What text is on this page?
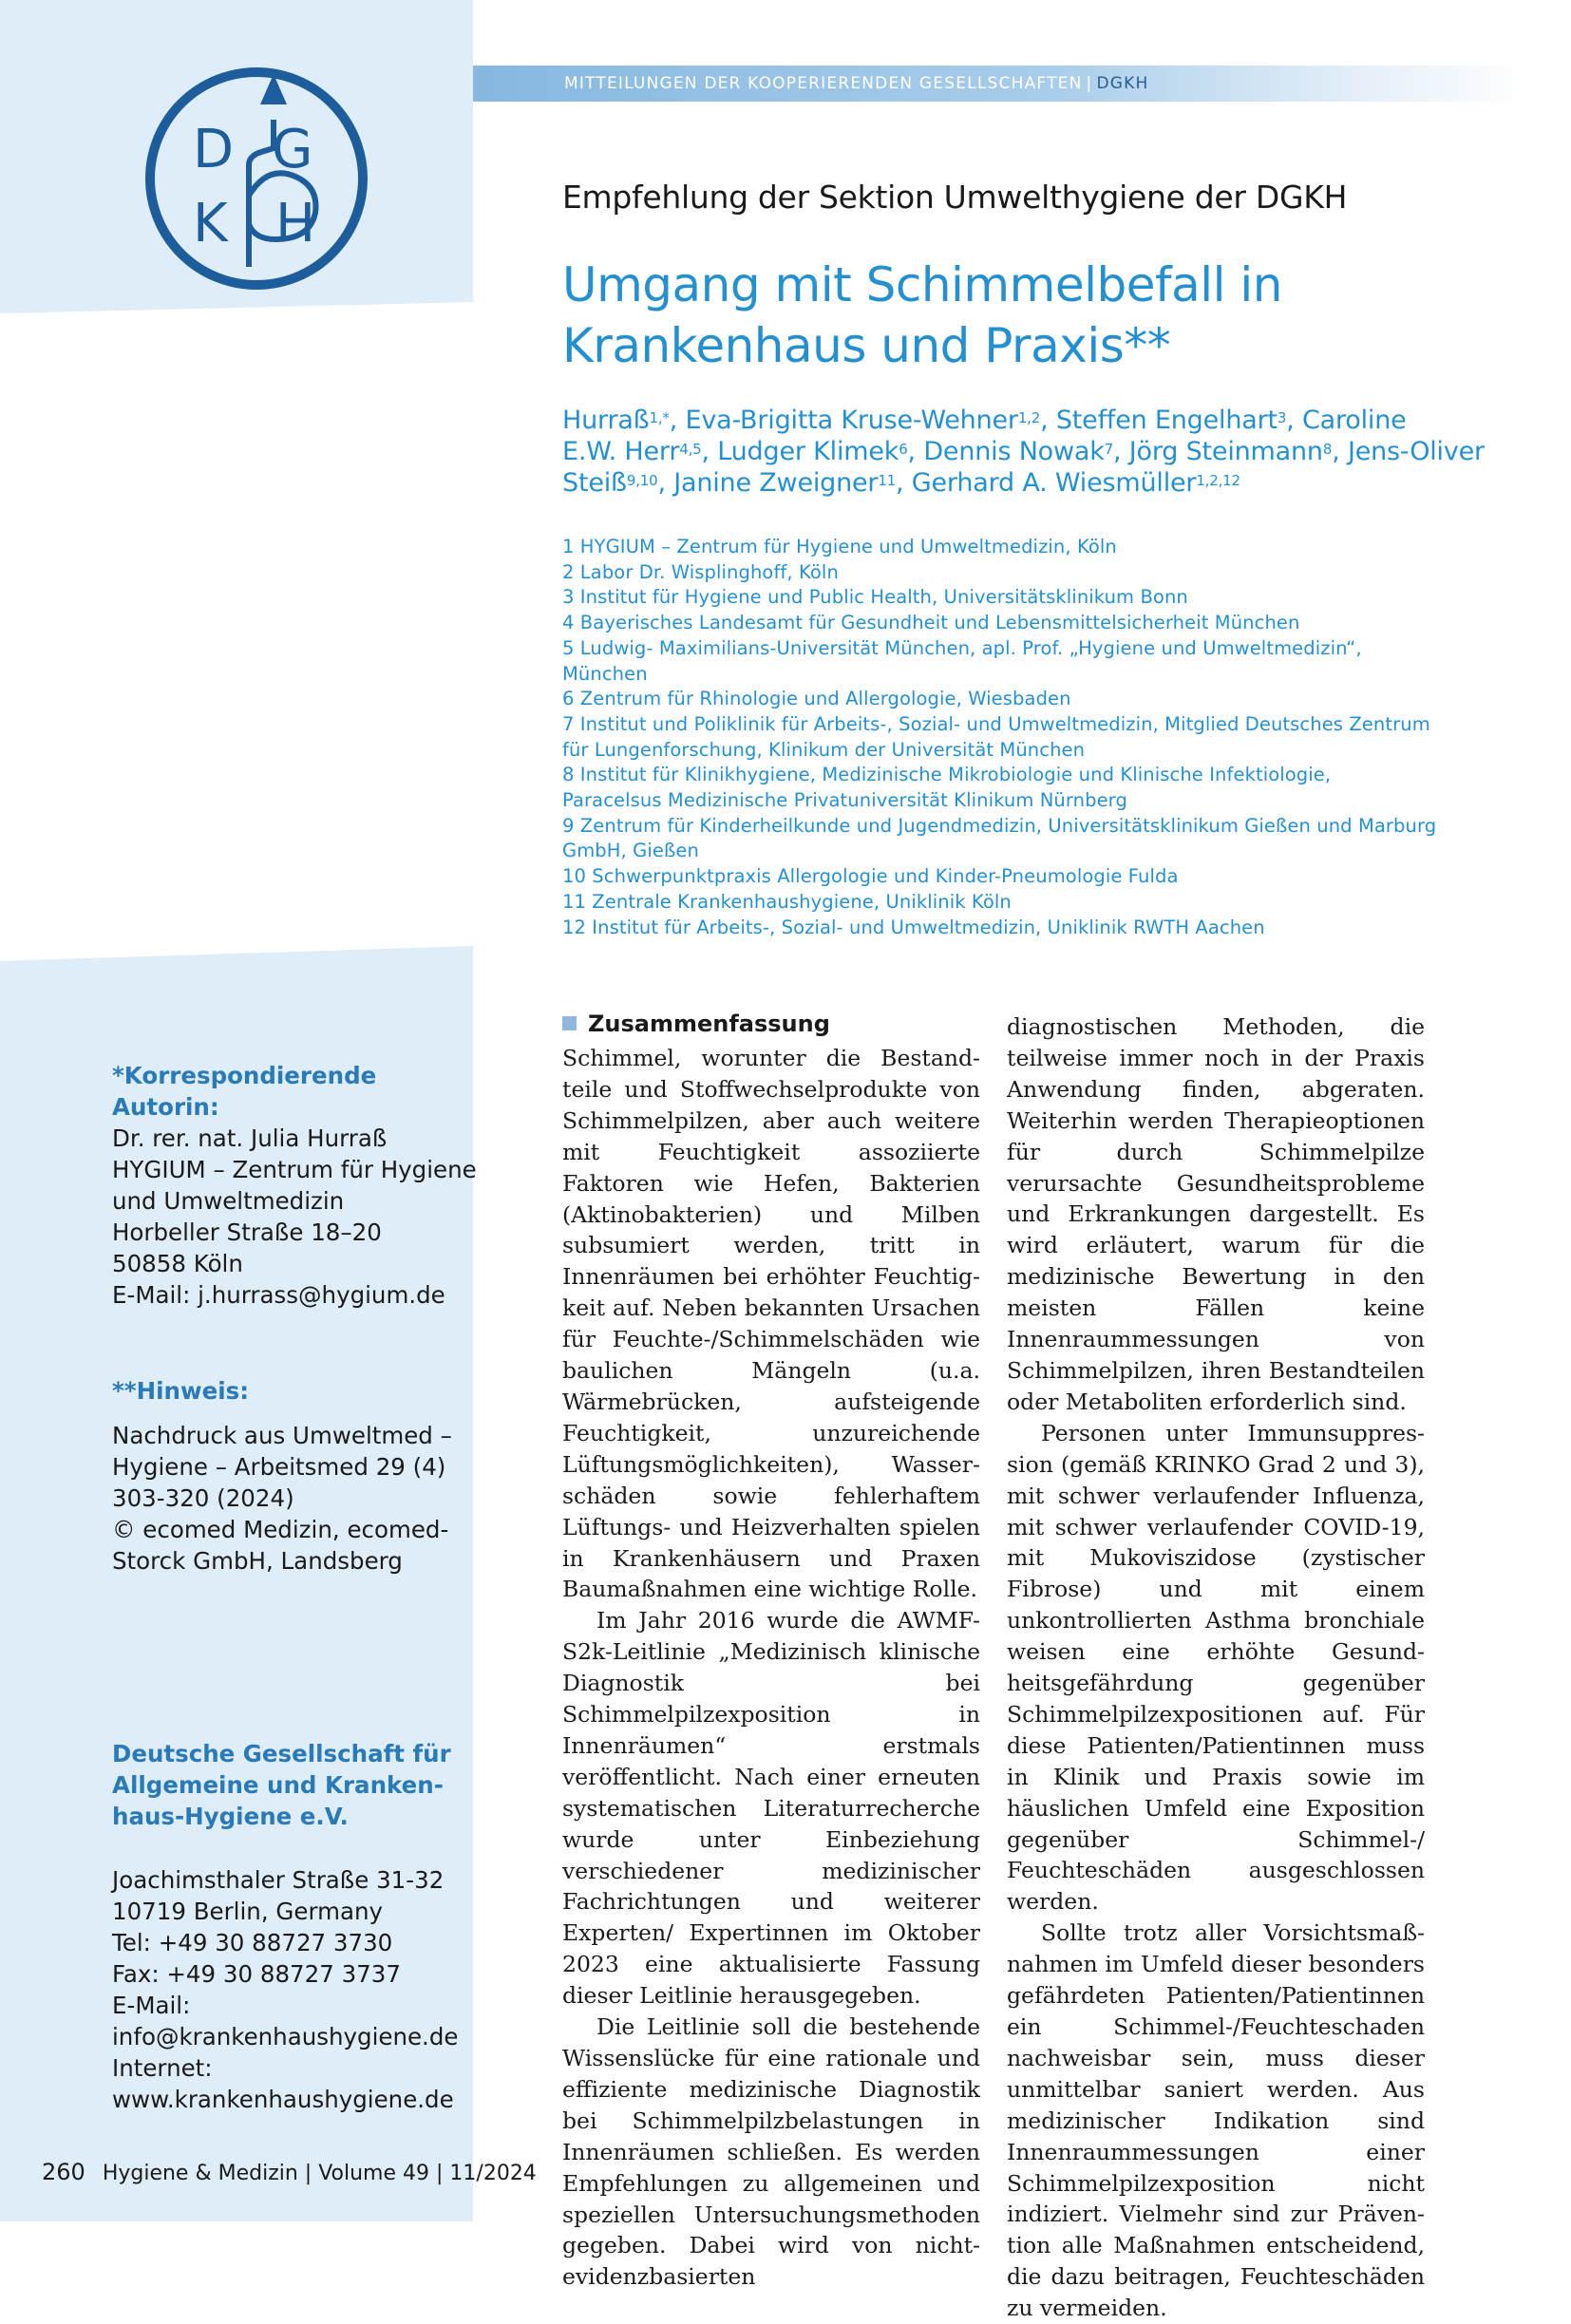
D G
K H
MITTEILUNGEN DER KOOPERIERENDEN GESELLSCHAFTEN | DGKH
Empfehlung der Sektion Umwelthygiene der DGKH
Umgang mit Schimmelbefall in
Krankenhaus und Praxis**
Hurraß$^{1,*}$, Eva-Brigitta Kruse-Wehner$^{1,2}$, Steffen Engelhart$^3$, Caroline
E.W. Herr$^{4,5}$, Ludger Klimek$^6$, Dennis Nowak$^7$, Jörg Steinmann$^8$, Jens-Oliver
Steiß$^{9,10}$, Janine Zweigner$^{11}$, Gerhard A. Wiesmüller$^{1,2,12}$
1 HYGIUM – Zentrum für Hygiene und Umweltmedizin, Köln
2 Labor Dr. Wisplinghoff, Köln
3 Institut für Hygiene und Public Health, Universitätsklinikum Bonn
4 Bayerisches Landesamt für Gesundheit und Lebensmittelsicherheit München
5 Ludwig- Maximilians-Universität München, apl. Prof. „Hygiene und Umweltmedizin“,
München
6 Zentrum für Rhinologie und Allergologie, Wiesbaden
7 Institut und Poliklinik für Arbeits-, Sozial- und Umweltmedizin, Mitglied Deutsches Zentrum
für Lungenforschung, Klinikum der Universität München
8 Institut für Klinikhygiene, Medizinische Mikrobiologie und Klinische Infektiologie,
Paracelsus Medizinische Privatuniversität Klinikum Nürnberg
9 Zentrum für Kinderheilkunde und Jugendmedizin, Universitätsklinikum Gießen und Marburg
GmbH, Gießen
10 Schwerpunktpraxis Allergologie und Kinder-Pneumologie Fulda
11 Zentrale Krankenhaushygiene, Uniklinik Köln
12 Institut für Arbeits-, Sozial- und Umweltmedizin, Uniklinik RWTH Aachen
*Korrespondierende Autorin:
Dr. rer. nat. Julia Hurraß
HYGIUM – Zentrum für Hygiene
und Umweltmedizin
Horbeller Straße 18–20
50858 Köln
E-Mail: j.hurrass@hygium.de
**Hinweis:
Nachdruck aus Umweltmed –
Hygiene – Arbeitsmed 29 (4)
303-320 (2024)
© ecomed Medizin, ecomed-
Storck GmbH, Landsberg
Deutsche Gesellschaft für
Allgemeine und Kranken-
haus-Hygiene e.V.
Joachimsthaler Straße 31-32
10719 Berlin, Germany
Tel: +49 30 88727 3730
Fax: +49 30 88727 3737
E-Mail:
info@krankenhaushygiene.de
Internet:
www.krankenhaushygiene.de
Zusammenfassung

Schimmel, worunter die Bestandteile und Stoffwechselprodukte von Schimmelpilzen, aber auch weitere mit Feuchtigkeit assoziierte Faktoren wie Hefen, Bakterien (Aktinobakterien) und Milben subsumiert werden, tritt in Innenräumen bei erhöhter Feuchtigkeit auf. Neben bekannten Ursachen für Feuchte-/Schimmelschäden wie baulichen Mängeln (u.a. Wärmebrücken, aufsteigende Feuchtigkeit, unzureichende Lüftungsmöglichkeiten), Wasserschäden sowie fehlerhaftem Lüftungs- und Heizverhalten spielen in Krankenhäusern und Praxen Baumaßnahmen eine wichtige Rolle.

Im Jahr 2016 wurde die AWMF-S2k-Leitlinie „Medizinisch klinische Diagnostik bei Schimmelpilzexposition in Innenräumen“ erstmals veröffentlicht. Nach einer erneuten systematischen Literaturrecherche wurde unter Einbeziehung verschiedener medizinischer Fachrichtungen und weiterer Experten/ Expertinnen im Oktober 2023 eine aktualisierte Fassung dieser Leitlinie herausgegeben.

Die Leitlinie soll die bestehende Wissenslücke für eine rationale und effiziente medizinische Diagnostik bei Schimmelpilzbelastungen in Innenräumen schließen. Es werden Empfehlungen zu allgemeinen und speziellen Untersuchungsmethoden gegeben. Dabei wird von nicht-evidenzbasierten

diagnostischen Methoden, die teilweise immer noch in der Praxis Anwendung finden, abgeraten. Weiterhin werden Therapieoptionen für durch Schimmelpilze verursachte Gesundheitsprobleme und Erkrankungen dargestellt. Es wird erläutert, warum für die medizinische Bewertung in den meisten Fällen keine Innenraummessungen von Schimmelpilzen, ihren Bestandteilen oder Metaboliten erforderlich sind.

Personen unter Immunsuppression (gemäß KRINKO Grad 2 und 3), mit schwer verlaufender Influenza, mit schwer verlaufender COVID-19, mit Mukoviszidose (zystischer Fibrose) und mit einem unkontrollierten Asthma bronchiale weisen eine erhöhte Gesundheitsgefährdung gegenüber Schimmelpilzexpositionen auf. Für diese Patienten/Patientinnen muss in Klinik und Praxis sowie im häuslichen Umfeld eine Exposition gegenüber Schimmel-/ Feuchteschäden ausgeschlossen werden.

Sollte trotz aller Vorsichtsmaßnahmen im Umfeld dieser besonders gefährdeten Patienten/Patientinnen ein Schimmel-/Feuchteschaden nachweisbar sein, muss dieser unmittelbar saniert werden. Aus medizinischer Indikation sind Innenraummessungen einer Schimmelpilzexposition nicht indiziert. Vielmehr sind zur Prävention alle Maßnahmen entscheidend, die dazu beitragen, Feuchteschäden zu vermeiden.

260 Hygiene & Medizin | Volume 49 | 11/2024
